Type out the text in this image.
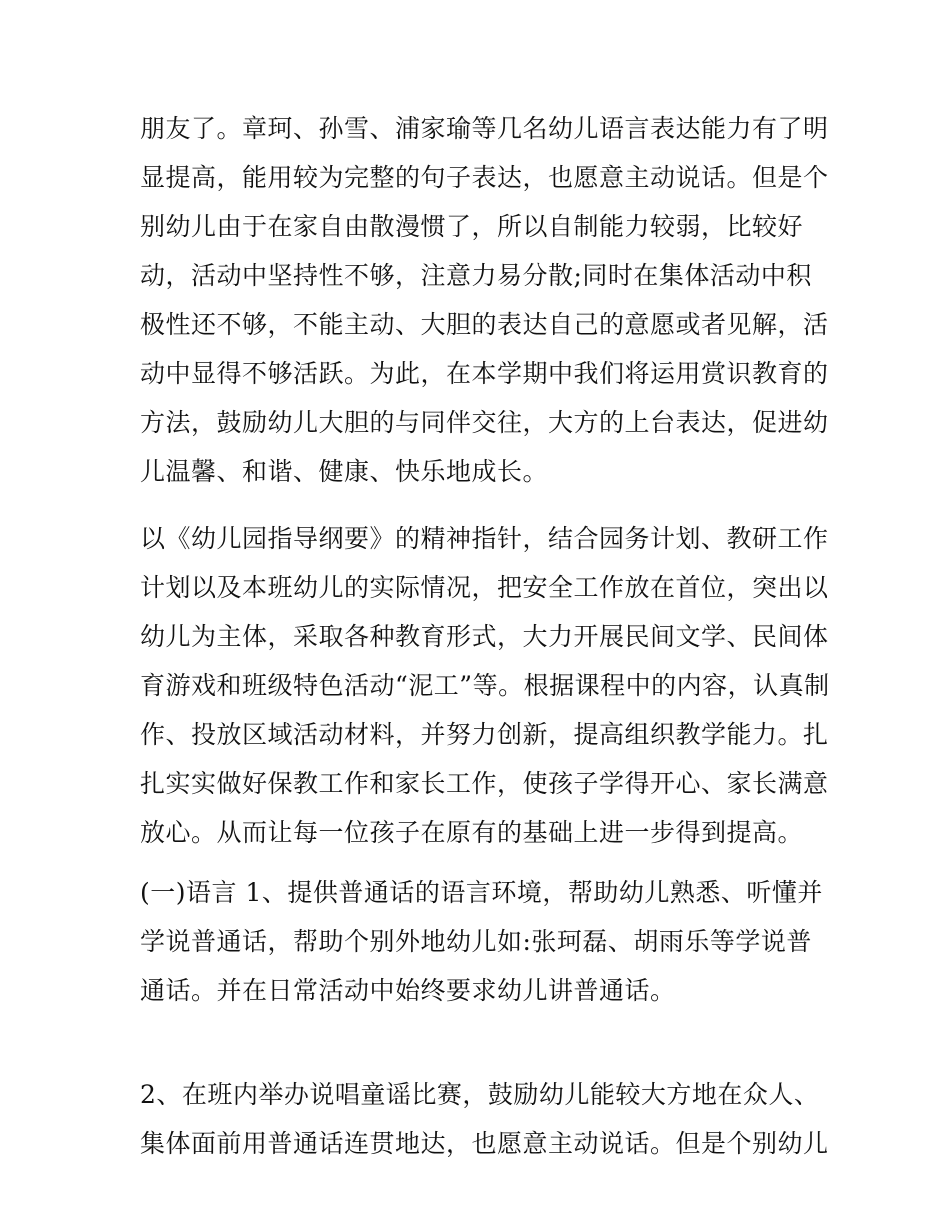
朋友了。章珂、孙雪、浦家瑜等几名幼儿语言表达能力有了明
显提高，能用较为完整的句子表达，也愿意主动说话。但是个
别幼儿由于在家自由散漫惯了，所以自制能力较弱，比较好
动，活动中坚持性不够，注意力易分散;同时在集体活动中积
极性还不够，不能主动、大胆的表达自己的意愿或者见解，活
动中显得不够活跃。为此，在本学期中我们将运用赏识教育的
方法，鼓励幼儿大胆的与同伴交往，大方的上台表达，促进幼
儿温馨、和谐、健康、快乐地成长。
以《幼儿园指导纲要》的精神指针，结合园务计划、教研工作
计划以及本班幼儿的实际情况，把安全工作放在首位，突出以
幼儿为主体，采取各种教育形式，大力开展民间文学、民间体
育游戏和班级特色活动“泥工”等。根据课程中的内容，认真制
作、投放区域活动材料，并努力创新，提高组织教学能力。扎
扎实实做好保教工作和家长工作，使孩子学得开心、家长满意
放心。从而让每一位孩子在原有的基础上进一步得到提高。
(一)语言 1、提供普通话的语言环境，帮助幼儿熟悉、听懂并
学说普通话，帮助个别外地幼儿如:张珂磊、胡雨乐等学说普
通话。并在日常活动中始终要求幼儿讲普通话。
2、在班内举办说唱童谣比赛，鼓励幼儿能较大方地在众人、
集体面前用普通话连贯地达，也愿意主动说话。但是个别幼儿
